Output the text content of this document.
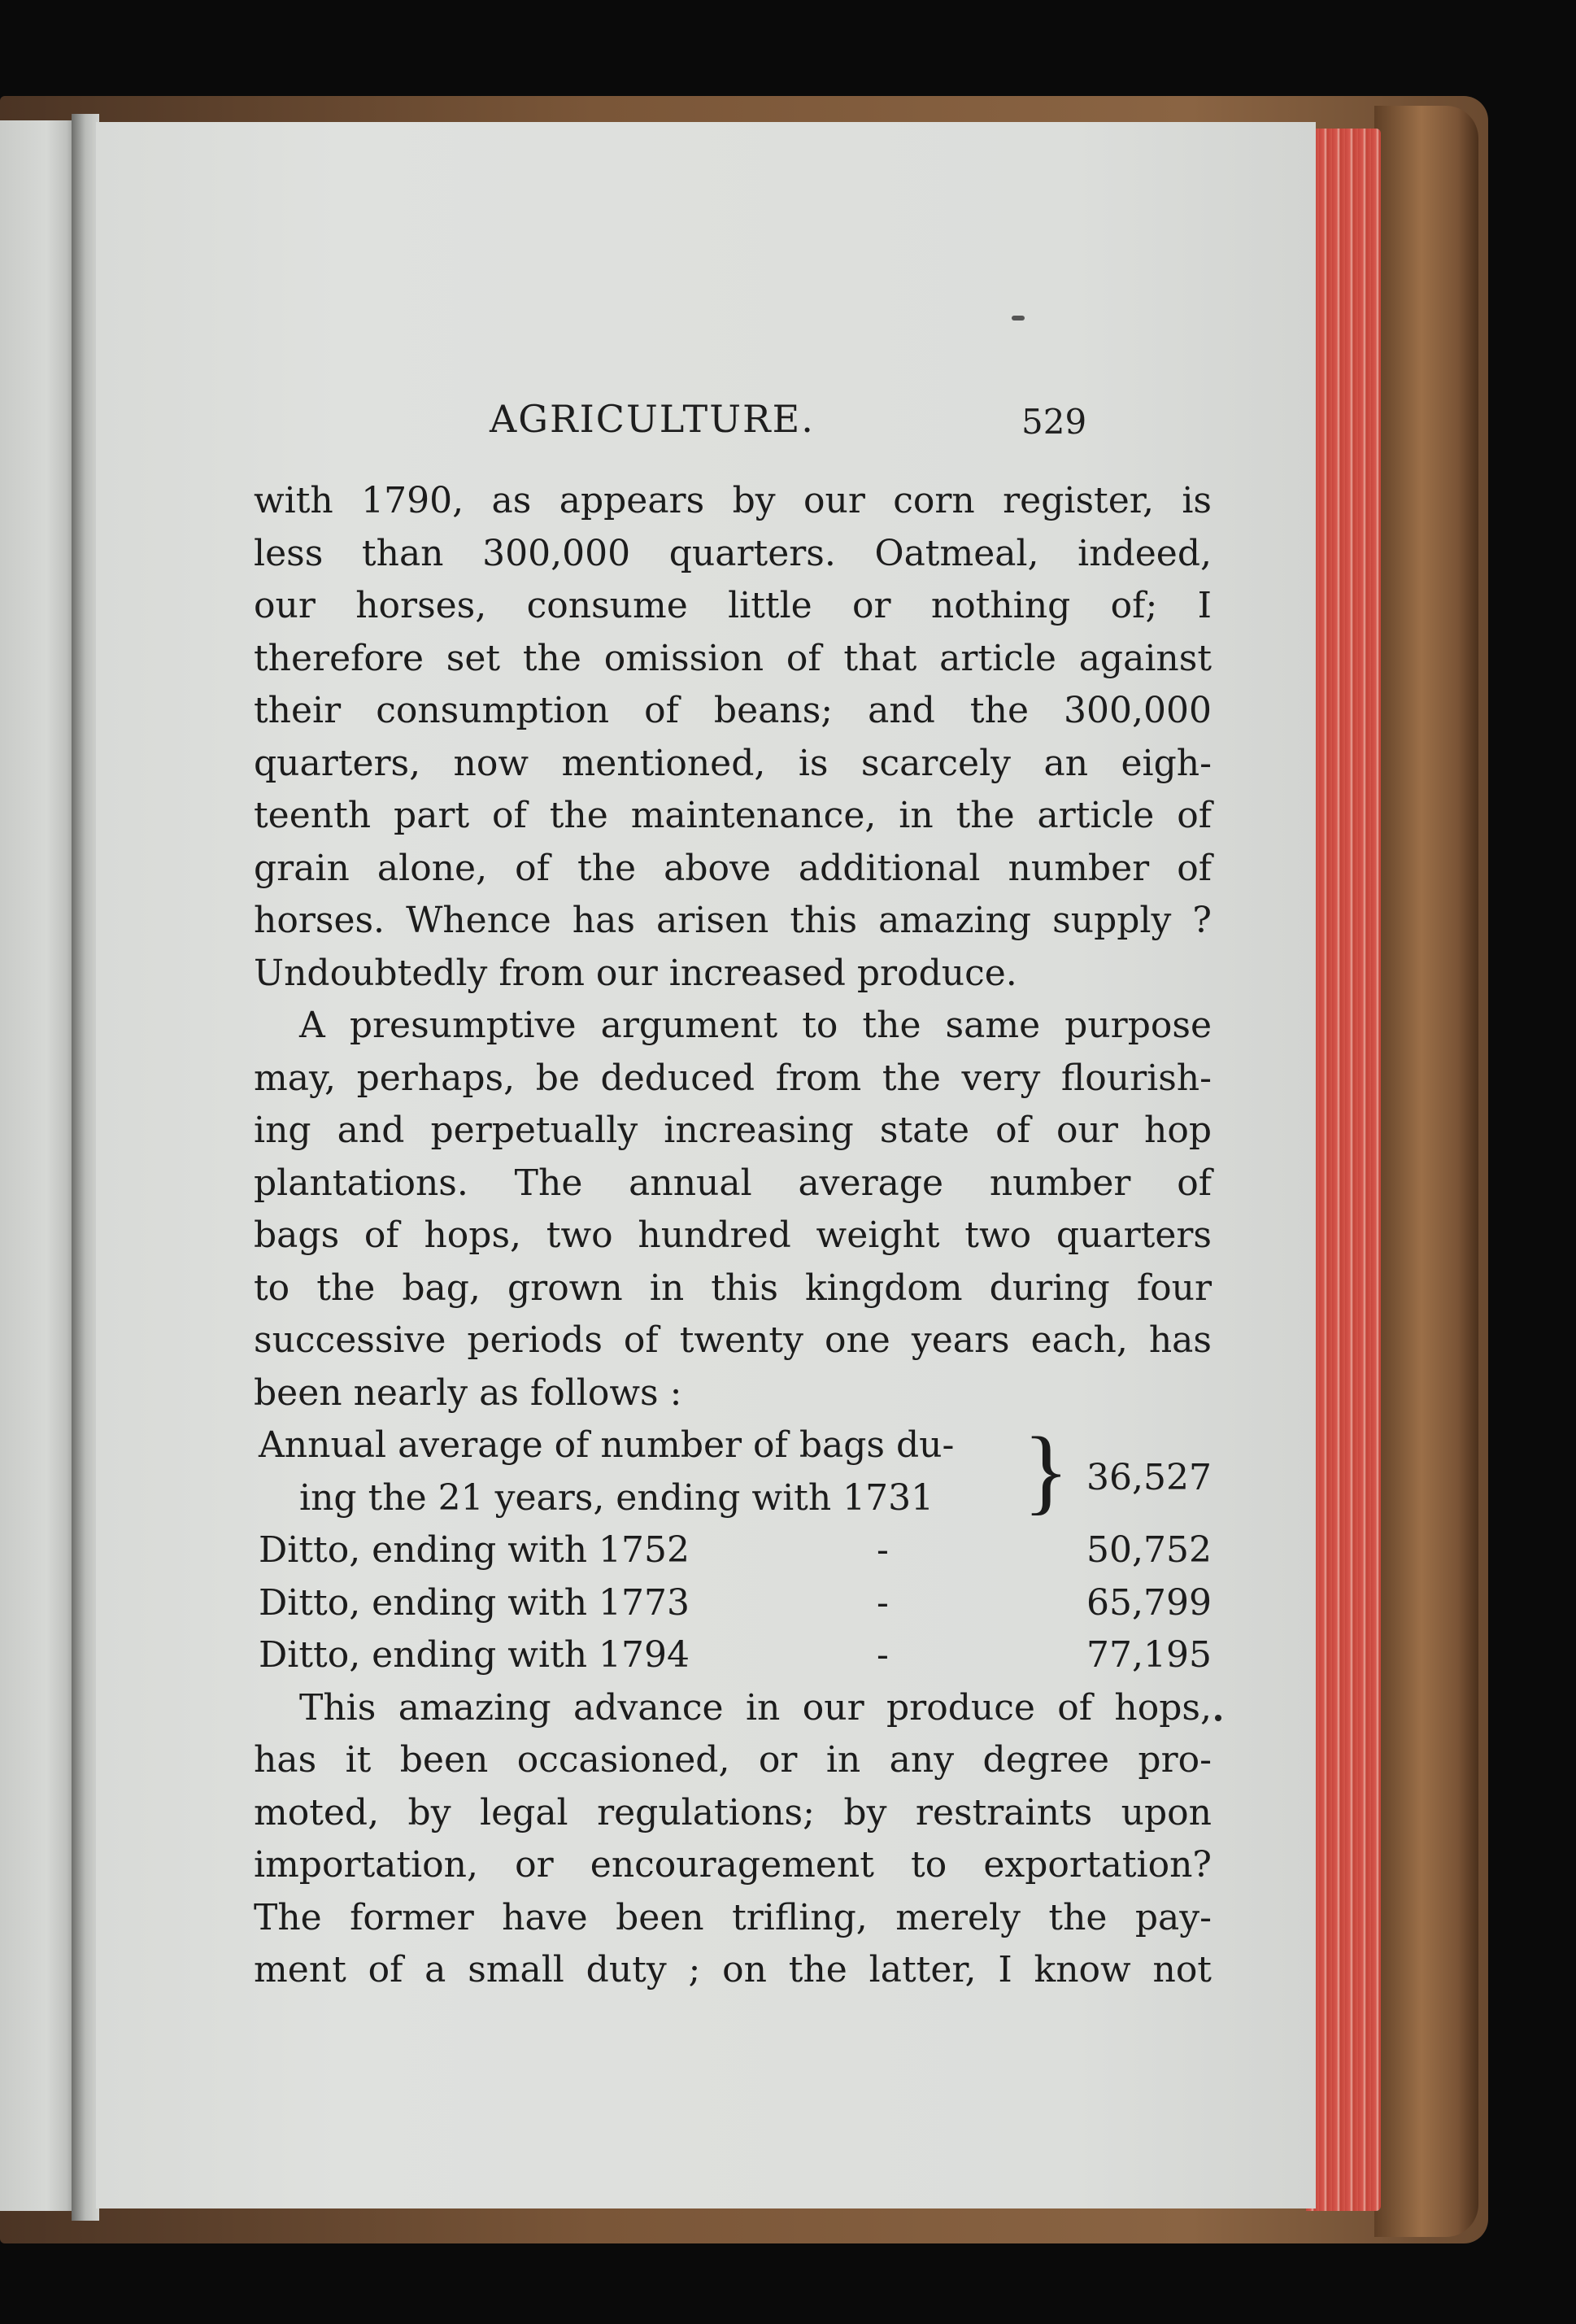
AGRICULTURE.	529
with 1790, as appears by our corn register, is
less than 300,000 quarters. Oatmeal, indeed,
our horses, consume little or nothing of; I
therefore set the omission of that article against
their consumption of beans; and the 300,000
quarters, now mentioned, is scarcely an eigh-
teenth part of the maintenance, in the article of
grain alone, of the above additional number of
horses. Whence has arisen this amazing supply ?
Undoubtedly from our increased produce.
A presumptive argument to the same purpose
may, perhaps, be deduced from the very flourish-
ing and perpetually increasing state of our hop
plantations. The annual average number of
bags of hops, two hundred weight two quarters
to the bag, grown in this kingdom during four
successive periods of twenty one years each, has
been nearly as follows :
Annual average of number of bags du- } 36,527
ing the 21 years, ending with 1731
Ditto, ending with 1752	-	50,752
Ditto, ending with 1773	-	65,799
Ditto, ending with 1794	-	77,195
This amazing advance in our produce of hops,
has it been occasioned, or in any degree pro-
moted, by legal regulations; by restraints upon
importation, or encouragement to exportation?
The former have been trifling, merely the pay-
ment of a small duty ; on the latter, I know not
